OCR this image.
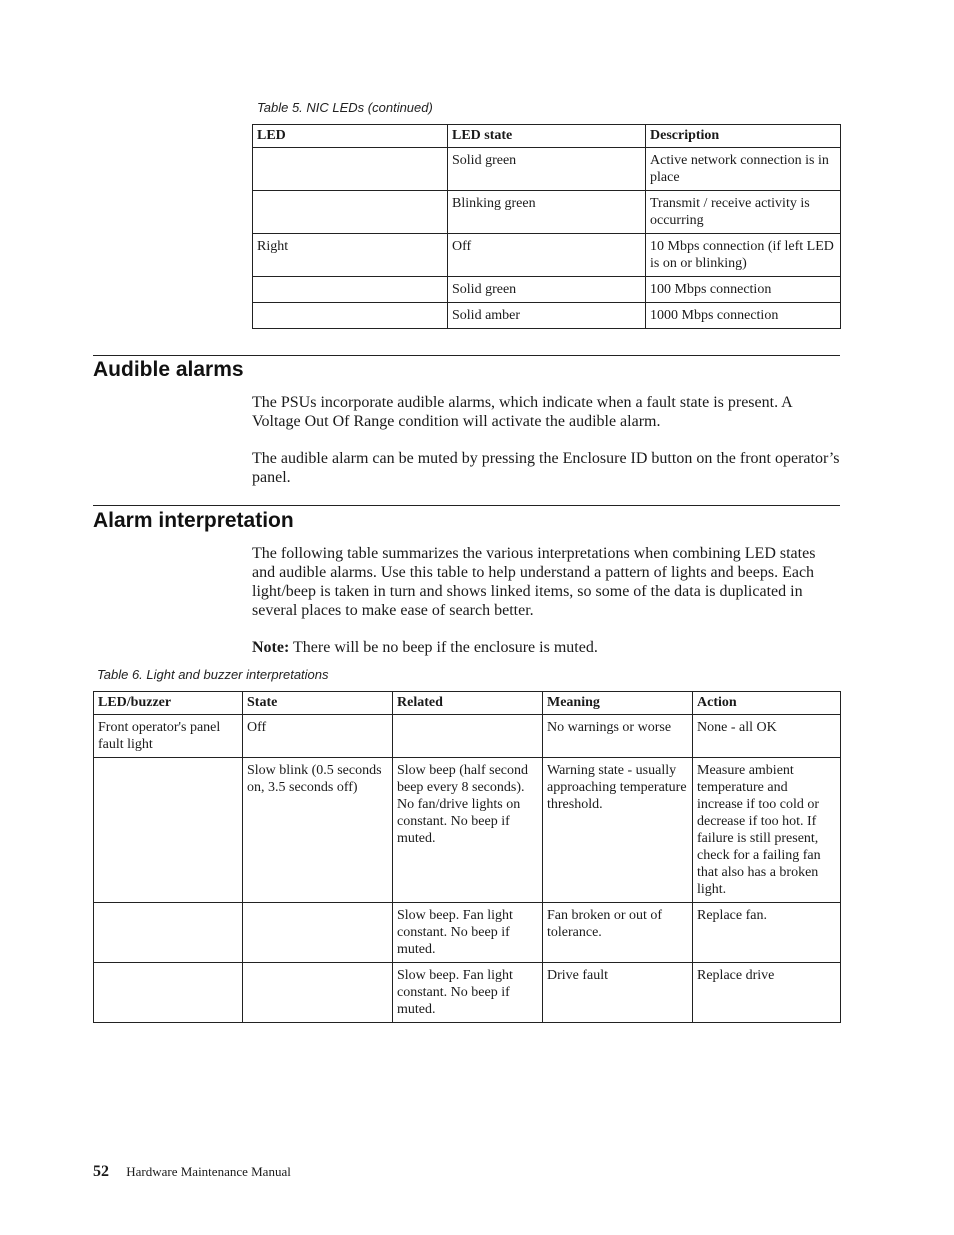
Table 5. NIC LEDs (continued)
LED	LED state	Description
	Solid green	Active network connection is in place
	Blinking green	Transmit / receive activity is occurring
Right	Off	10 Mbps connection (if left LED is on or blinking)
	Solid green	100 Mbps connection
	Solid amber	1000 Mbps connection
Audible alarms

The PSUs incorporate audible alarms, which indicate when a fault state is present. A Voltage Out Of Range condition will activate the audible alarm.

The audible alarm can be muted by pressing the Enclosure ID button on the front operator’s panel.

Alarm interpretation

The following table summarizes the various interpretations when combining LED states and audible alarms. Use this table to help understand a pattern of lights and beeps. Each light/beep is taken in turn and shows linked items, so some of the data is duplicated in several places to make ease of search better.

Note: There will be no beep if the enclosure is muted.

Table 6. Light and buzzer interpretations
LED/buzzer	State	Related	Meaning	Action
Front operator's panel fault light	Off		No warnings or worse	None - all OK
	Slow blink (0.5 seconds on, 3.5 seconds off)	Slow beep (half second beep every 8 seconds). No fan/drive lights on constant. No beep if muted.	Warning state - usually approaching temperature threshold.	Measure ambient temperature and increase if too cold or decrease if too hot. If failure is still present, check for a failing fan that also has a broken light.
		Slow beep. Fan light constant. No beep if muted.	Fan broken or out of tolerance.	Replace fan.
		Slow beep. Fan light constant. No beep if muted.	Drive fault	Replace drive
52 Hardware Maintenance Manual
